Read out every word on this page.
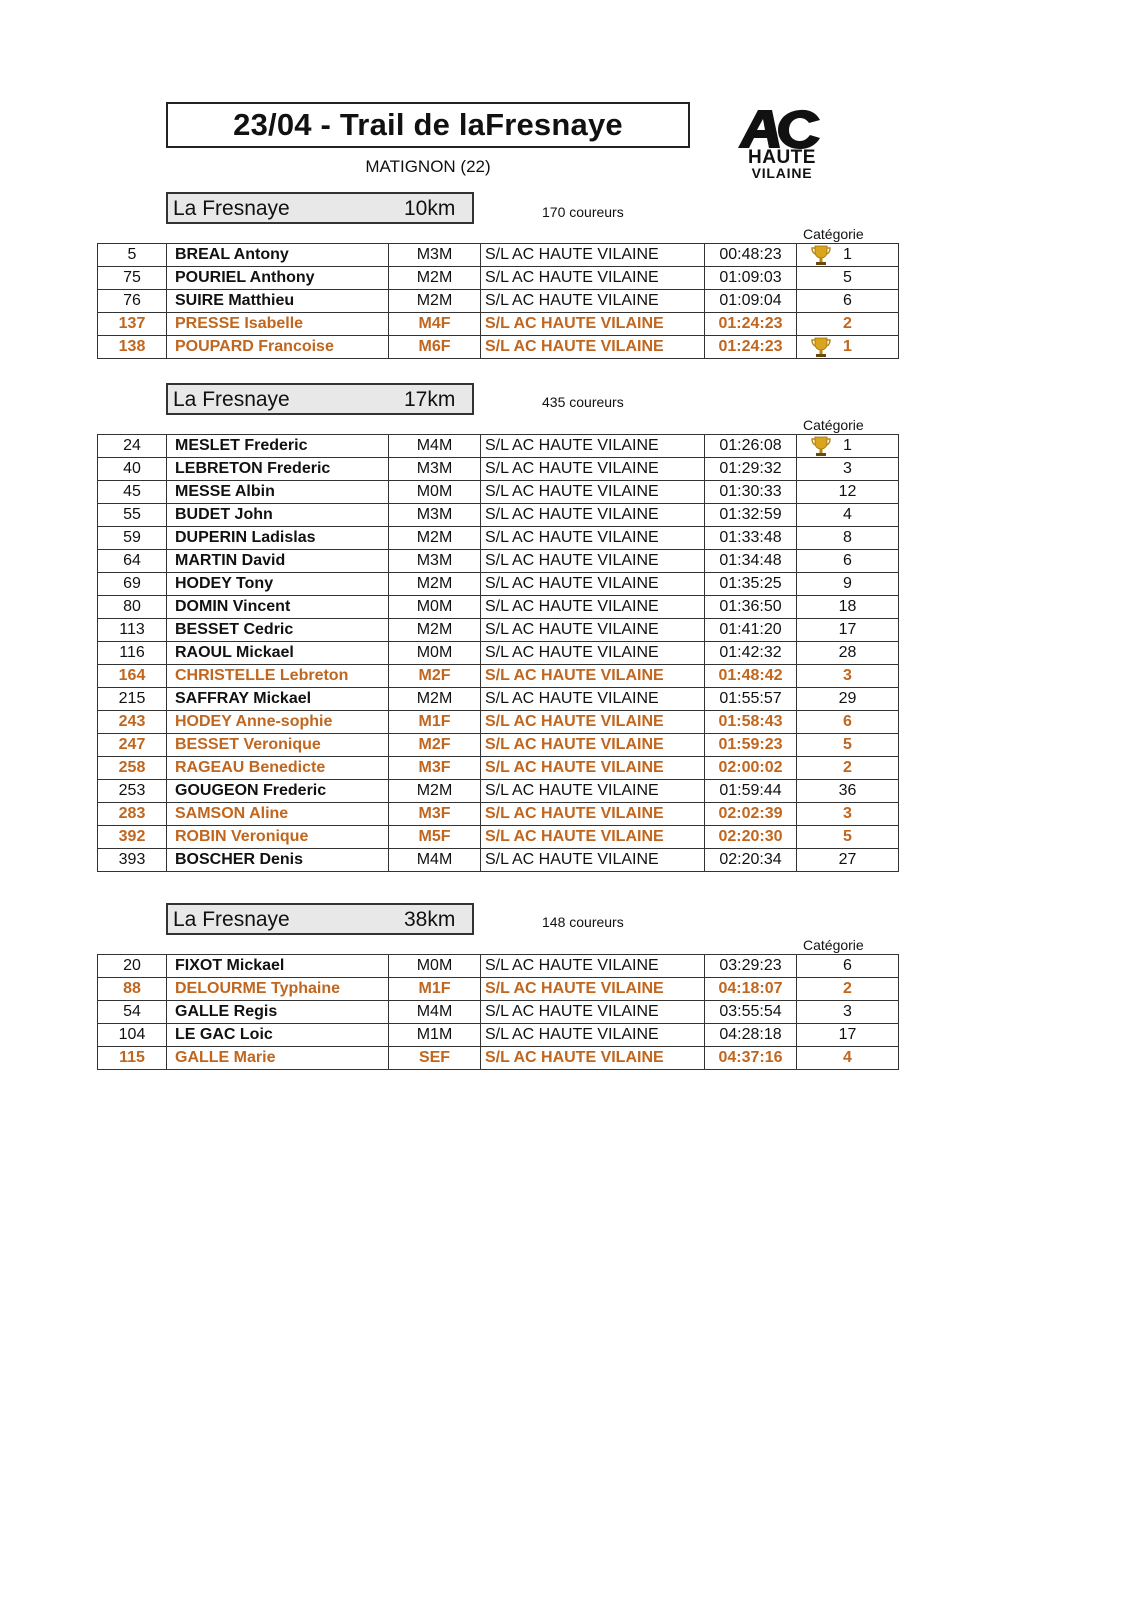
23/04 - Trail de laFresnaye
MATIGNON (22)	HAUTE
VILAINE
La Fresnaye	10km	170 coureurs
Catégorie
5	BREAL Antony	M3M	S/L AC HAUTE VILAINE	00:48:23	1
75	POURIEL Anthony	M2M	S/L AC HAUTE VILAINE	01:09:03	5
76	SUIRE Matthieu	M2M	S/L AC HAUTE VILAINE	01:09:04	6
137	PRESSE Isabelle	M4F	S/L AC HAUTE VILAINE	01:24:23	2
138	POUPARD Francoise	M6F	S/L AC HAUTE VILAINE	01:24:23	1
La Fresnaye	17km	435 coureurs
Catégorie
24	MESLET Frederic	M4M	S/L AC HAUTE VILAINE	01:26:08	1
40	LEBRETON Frederic	M3M	S/L AC HAUTE VILAINE	01:29:32	3
45	MESSE Albin	M0M	S/L AC HAUTE VILAINE	01:30:33	12
55	BUDET John	M3M	S/L AC HAUTE VILAINE	01:32:59	4
59	DUPERIN Ladislas	M2M	S/L AC HAUTE VILAINE	01:33:48	8
64	MARTIN David	M3M	S/L AC HAUTE VILAINE	01:34:48	6
69	HODEY Tony	M2M	S/L AC HAUTE VILAINE	01:35:25	9
80	DOMIN Vincent	M0M	S/L AC HAUTE VILAINE	01:36:50	18
113	BESSET Cedric	M2M	S/L AC HAUTE VILAINE	01:41:20	17
116	RAOUL Mickael	M0M	S/L AC HAUTE VILAINE	01:42:32	28
164	CHRISTELLE Lebreton	M2F	S/L AC HAUTE VILAINE	01:48:42	3
215	SAFFRAY Mickael	M2M	S/L AC HAUTE VILAINE	01:55:57	29
243	HODEY Anne-sophie	M1F	S/L AC HAUTE VILAINE	01:58:43	6
247	BESSET Veronique	M2F	S/L AC HAUTE VILAINE	01:59:23	5
258	RAGEAU Benedicte	M3F	S/L AC HAUTE VILAINE	02:00:02	2
253	GOUGEON Frederic	M2M	S/L AC HAUTE VILAINE	01:59:44	36
283	SAMSON Aline	M3F	S/L AC HAUTE VILAINE	02:02:39	3
392	ROBIN Veronique	M5F	S/L AC HAUTE VILAINE	02:20:30	5
393	BOSCHER Denis	M4M	S/L AC HAUTE VILAINE	02:20:34	27
La Fresnaye	38km	148 coureurs
Catégorie
20	FIXOT Mickael	M0M	S/L AC HAUTE VILAINE	03:29:23	6
88	DELOURME Typhaine	M1F	S/L AC HAUTE VILAINE	04:18:07	2
54	GALLE Regis	M4M	S/L AC HAUTE VILAINE	03:55:54	3
104	LE GAC Loic	M1M	S/L AC HAUTE VILAINE	04:28:18	17
115	GALLE Marie	SEF	S/L AC HAUTE VILAINE	04:37:16	4
